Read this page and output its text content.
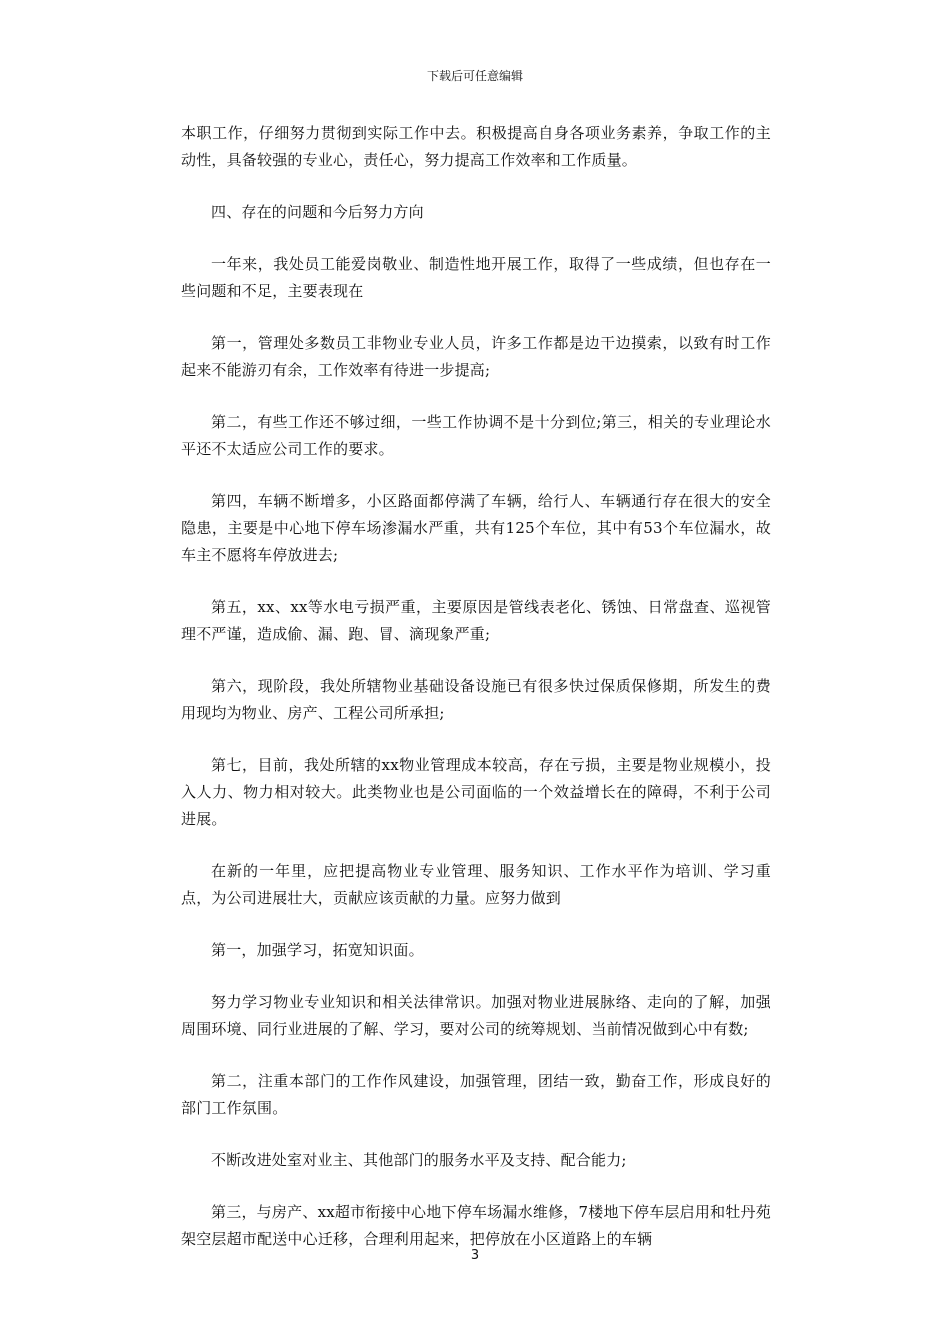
下载后可任意编辑

本职工作，仔细努力贯彻到实际工作中去。积极提高自身各项业务素养，争取工作的主动性，具备较强的专业心，责任心，努力提高工作效率和工作质量。

四、存在的问题和今后努力方向

一年来，我处员工能爱岗敬业、制造性地开展工作，取得了一些成绩，但也存在一些问题和不足，主要表现在

第一，管理处多数员工非物业专业人员，许多工作都是边干边摸索，以致有时工作起来不能游刃有余，工作效率有待进一步提高;

第二，有些工作还不够过细，一些工作协调不是十分到位;第三，相关的专业理论水平还不太适应公司工作的要求。

第四，车辆不断增多，小区路面都停满了车辆，给行人、车辆通行存在很大的安全隐患，主要是中心地下停车场渗漏水严重，共有125个车位，其中有53个车位漏水，故车主不愿将车停放进去;

第五，xx、xx等水电亏损严重，主要原因是管线表老化、锈蚀、日常盘查、巡视管理不严谨，造成偷、漏、跑、冒、滴现象严重;

第六，现阶段，我处所辖物业基础设备设施已有很多快过保质保修期，所发生的费用现均为物业、房产、工程公司所承担;

第七，目前，我处所辖的xx物业管理成本较高，存在亏损，主要是物业规模小，投入人力、物力相对较大。此类物业也是公司面临的一个效益增长在的障碍，不利于公司进展。

在新的一年里，应把提高物业专业管理、服务知识、工作水平作为培训、学习重点，为公司进展壮大，贡献应该贡献的力量。应努力做到

第一，加强学习，拓宽知识面。

努力学习物业专业知识和相关法律常识。加强对物业进展脉络、走向的了解，加强周围环境、同行业进展的了解、学习，要对公司的统筹规划、当前情况做到心中有数;

第二，注重本部门的工作作风建设，加强管理，团结一致，勤奋工作，形成良好的部门工作氛围。

不断改进处室对业主、其他部门的服务水平及支持、配合能力;

第三，与房产、xx超市衔接中心地下停车场漏水维修，7楼地下停车层启用和牡丹苑架空层超市配送中心迁移，合理利用起来，把停放在小区道路上的车辆

3
